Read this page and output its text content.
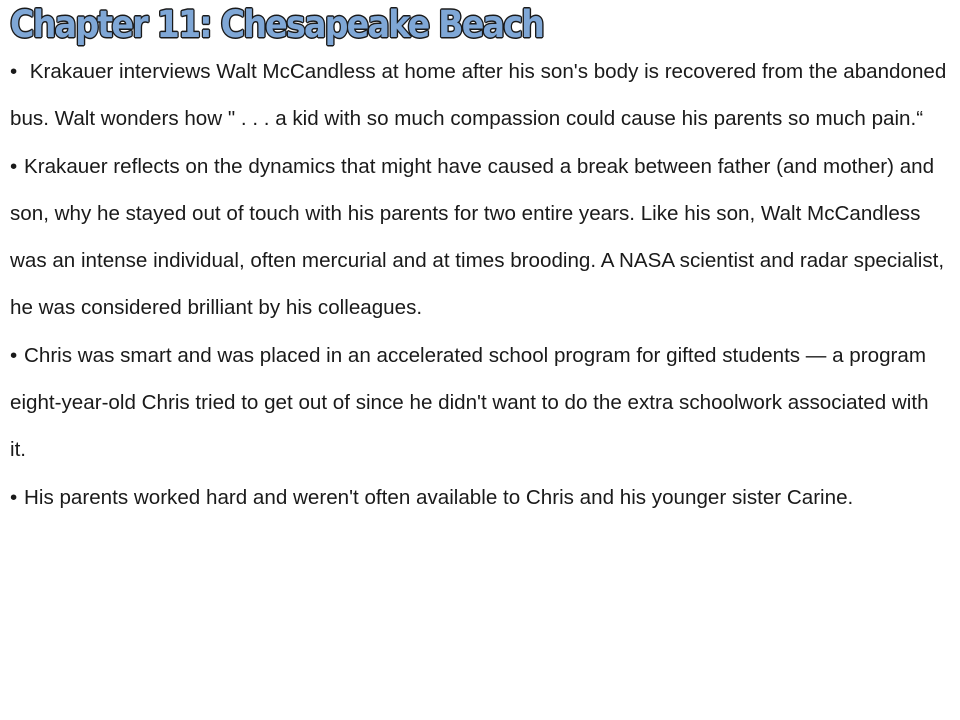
Chapter 11: Chesapeake Beach
• Krakauer interviews Walt McCandless at home after his son's body is recovered from the abandoned bus. Walt wonders how " . . . a kid with so much compassion could cause his parents so much pain.“
• Krakauer reflects on the dynamics that might have caused a break between father (and mother) and son, why he stayed out of touch with his parents for two entire years. Like his son, Walt McCandless was an intense individual, often mercurial and at times brooding. A NASA scientist and radar specialist, he was considered brilliant by his colleagues.
• Chris was smart and was placed in an accelerated school program for gifted students — a program eight-year-old Chris tried to get out of since he didn't want to do the extra schoolwork associated with it.
• His parents worked hard and weren't often available to Chris and his younger sister Carine.
